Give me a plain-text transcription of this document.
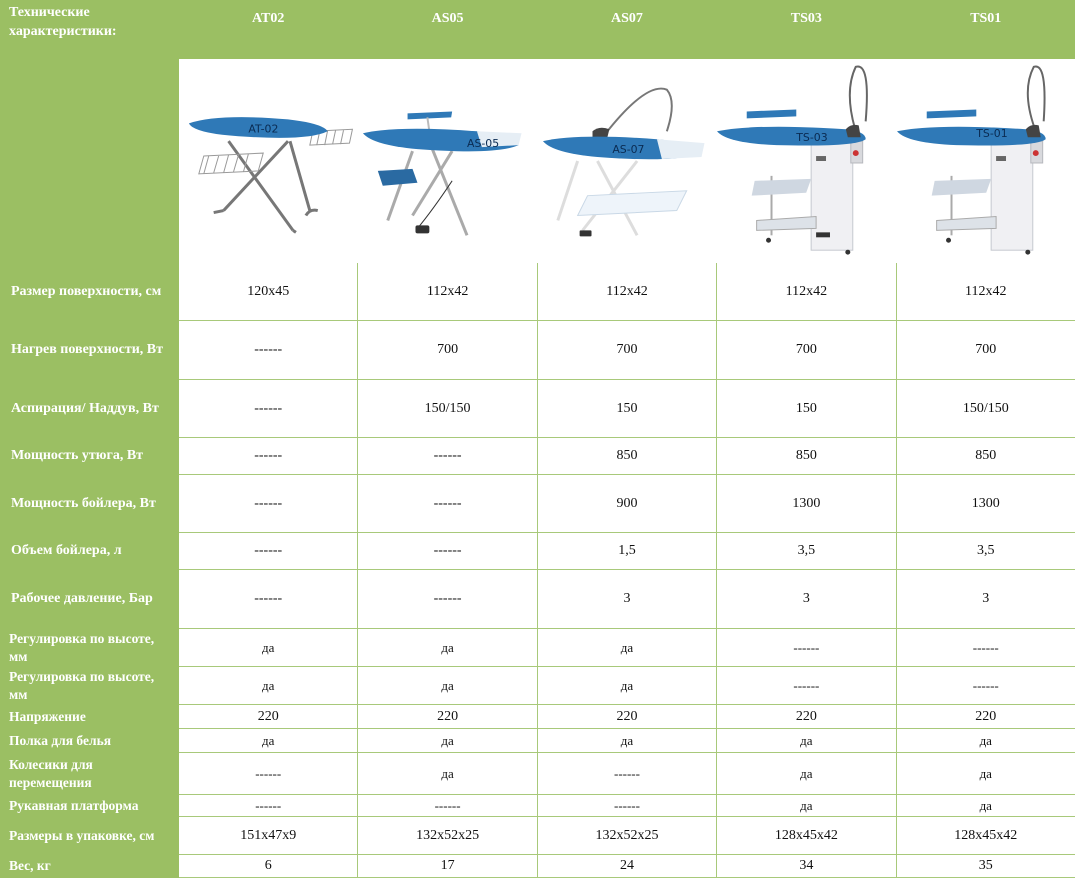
Технические характеристики:	AT02	AS05	AS07	TS03	TS01

AT-02	AS-05	AS-07	TS-03	TS-01

Размер поверхности, см	120x45	112x42	112x42	112x42	112x42
Нагрев поверхности, Вт	------	700	700	700	700
Аспирация/ Наддув, Вт	------	150/150	150	150	150/150
Мощность утюга, Вт	------	------	850	850	850
Мощность бойлера, Вт	------	------	900	1300	1300
Объем бойлера, л	------	------	1,5	3,5	3,5
Рабочее давление, Бар	------	------	3	3	3
Регулировка по высоте, мм	да	да	да	------	------
Регулировка по высоте, мм	да	да	да	------	------
Напряжение	220	220	220	220	220
Полка для белья	да	да	да	да	да
Колесики для перемещения	------	да	------	да	да
Рукавная платформа	------	------	------	да	да
Размеры в упаковке, см	151x47x9	132x52x25	132x52x25	128x45x42	128x45x42
Вес, кг	6	17	24	34	35
